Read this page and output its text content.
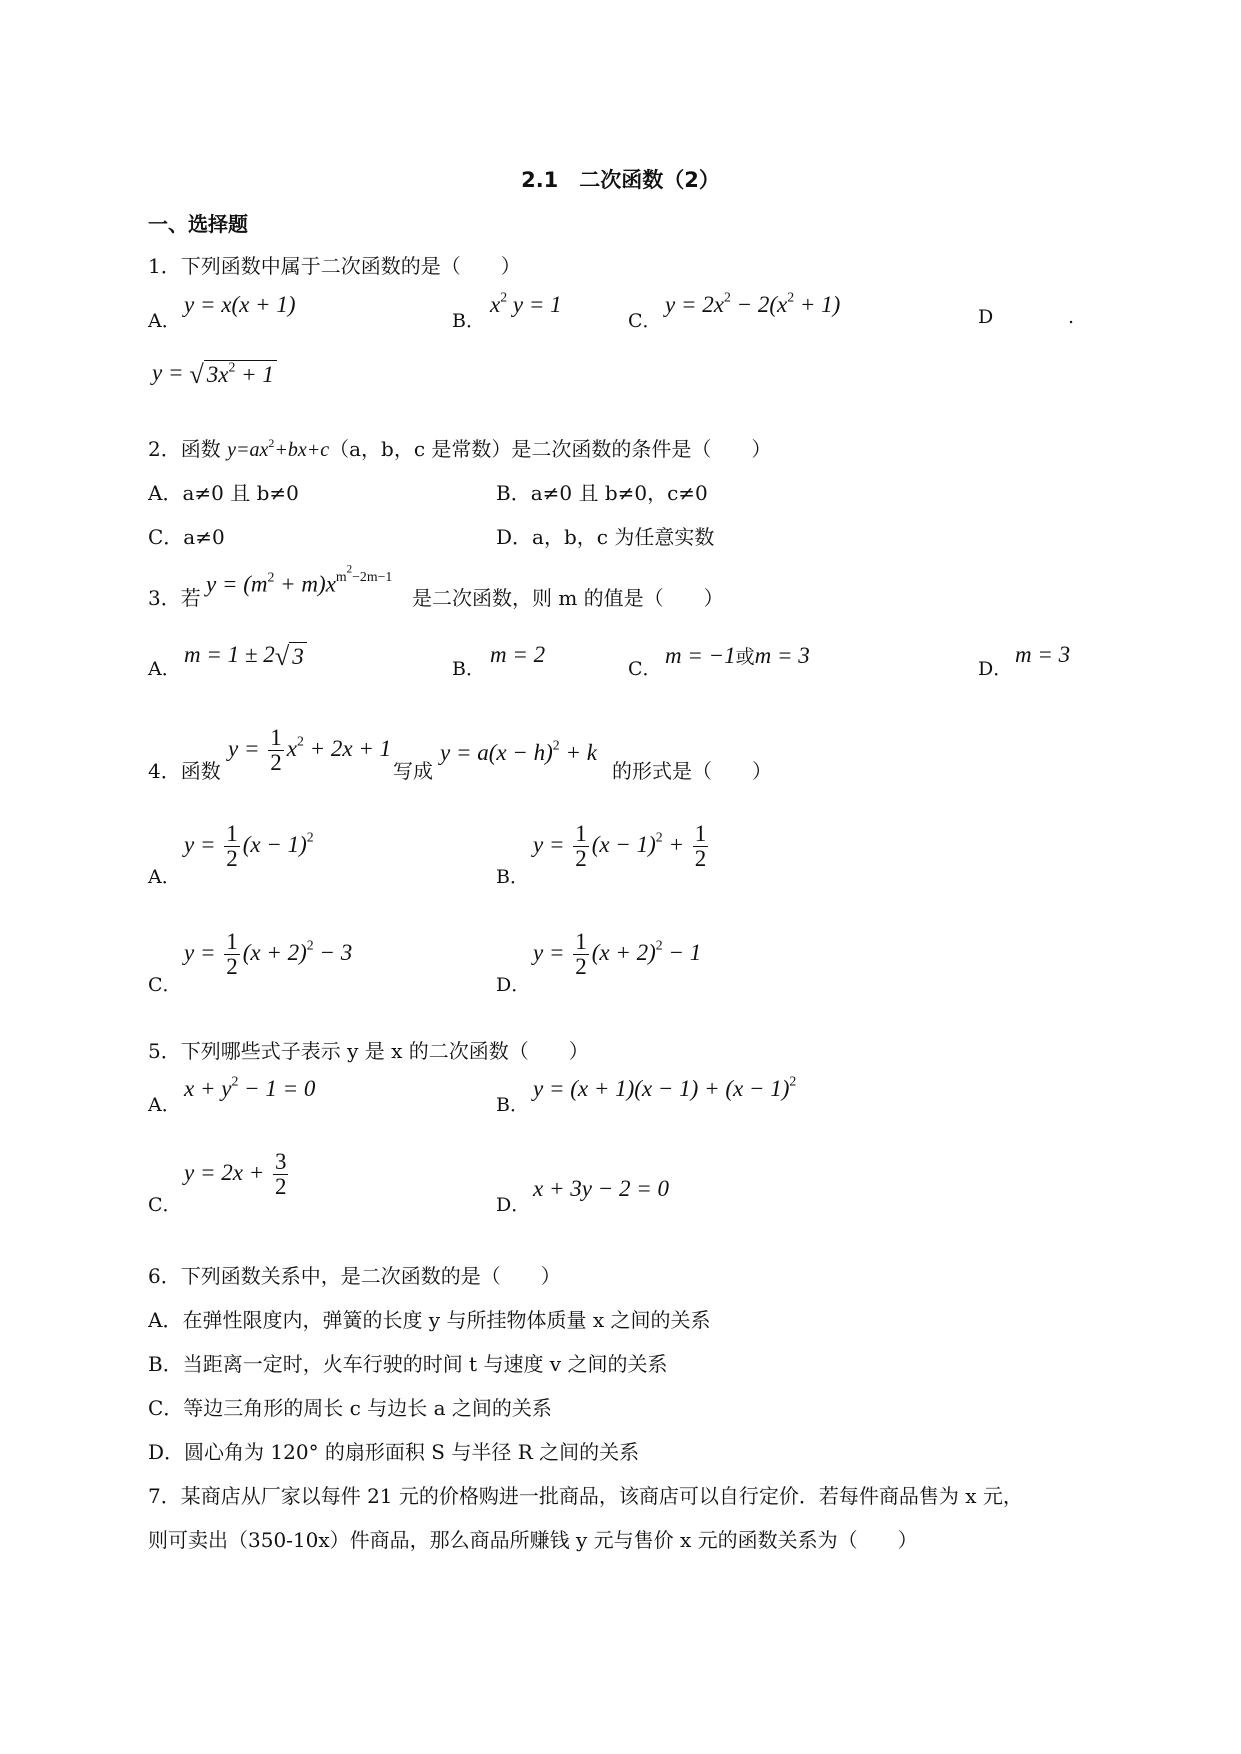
2.1　二次函数（2）
一、选择题
1．下列函数中属于二次函数的是（　　）
A．
y = x(x + 1)
B．
$x^2$ y = 1
C．
$y = 2x^2 - 2(x^2 + 1)$	D	.
y = √ $3x^2 + 1$
2．函数 $y=ax^2+bx+c(a$，b，c 是常数）是二次函数的条件是（　　）
A．a≠0 且 b≠0	B．a≠0 且 b≠0，c≠0
C．a≠0	D．a，b，c 为任意实数
3．若
$y = (m^2 + m)x^{m^2-2m-1}$
是二次函数，则 m 的值是（　　）
A．
m = 1 ± 2 √ 3	B．
m = 2
C．
m = −1或m = 3
D．
m = 3
4．函数
$y = \frac{1}{2} x^2 + 2x + 1$
写成
$y = a(x - h)^2 + k$
的形式是（　　）
A．
$y = \frac{1}{2} (x - 1)^2$
B．
$y = \frac{1}{2} (x - 1)^2 + \frac{1}{2}$
C．
$y = \frac{1}{2} (x + 2)^2 - 3$
D．
$y = \frac{1}{2} (x + 2)^2 - 1$
5．下列哪些式子表示 y 是 x 的二次函数（　　）
A．
$x + y^2 - 1 = 0$
B．
$y = (x + 1)(x - 1) + (x - 1)^2$
C．
$y = 2x + \frac{3}{2}$
D．
x + 3y − 2 = 0
6．下列函数关系中，是二次函数的是（　　）
A．在弹性限度内，弹簧的长度 y 与所挂物体质量 x 之间的关系
B．当距离一定时，火车行驶的时间 t 与速度 v 之间的关系
C．等边三角形的周长 c 与边长 a 之间的关系
D．圆心角为 120° 的扇形面积 S 与半径 R 之间的关系
7．某商店从厂家以每件 21 元的价格购进一批商品，该商店可以自行定价．若每件商品售为 x 元，
则可卖出（350-10x）件商品，那么商品所赚钱 y 元与售价 x 元的函数关系为（　　）
